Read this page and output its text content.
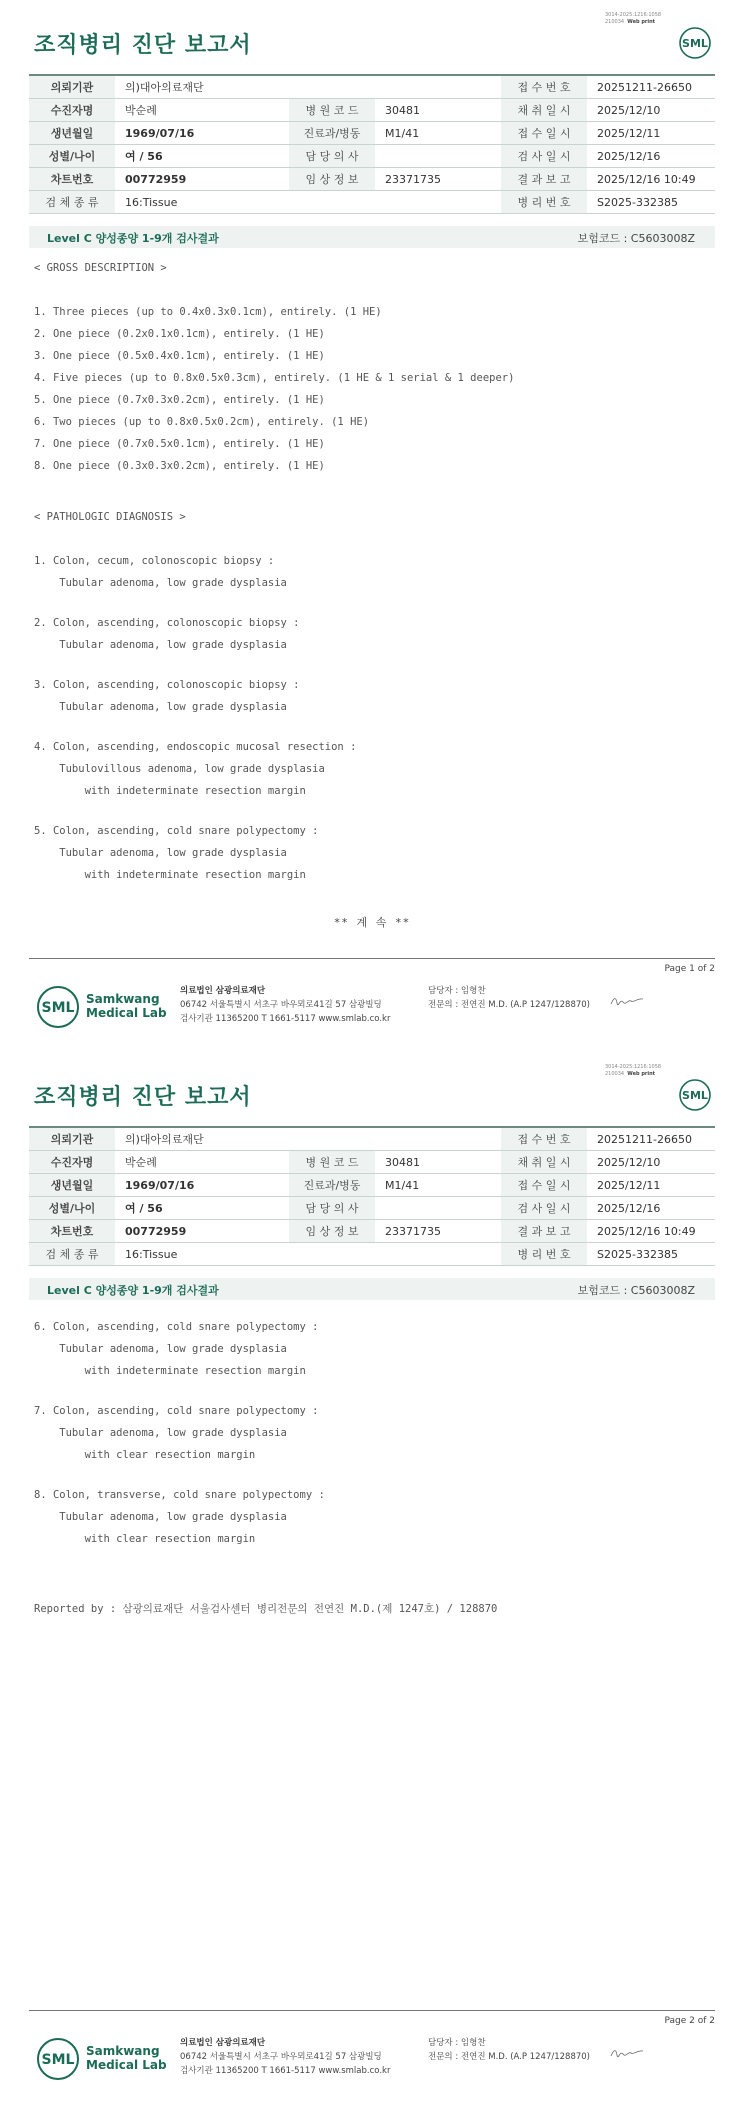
3014-2025:1216:1058
210034 Web print
조직병리 진단 보고서	SML
의뢰기관	의)대아의료재단			접 수 번 호	20251211-26650
수진자명	박순례	병 원 코 드	30481	채 취 일 시	2025/12/10
생년월일	1969/07/16	진료과/병동	M1/41	접 수 일 시	2025/12/11
성별/나이	여 / 56	담 당 의 사		검 사 일 시	2025/12/16
차트번호	00772959	임 상 정 보	23371735	결 과 보 고	2025/12/16 10:49
검 체 종 류	16:Tissue			병 리 번 호	S2025-332385
Level C 양성종양 1-9개 검사결과	보험코드 : C5603008Z
< GROSS DESCRIPTION >
1. Three pieces (up to 0.4x0.3x0.1cm), entirely. (1 HE)
2. One piece (0.2x0.1x0.1cm), entirely. (1 HE)
3. One piece (0.5x0.4x0.1cm), entirely. (1 HE)
4. Five pieces (up to 0.8x0.5x0.3cm), entirely. (1 HE & 1 serial & 1 deeper)
5. One piece (0.7x0.3x0.2cm), entirely. (1 HE)
6. Two pieces (up to 0.8x0.5x0.2cm), entirely. (1 HE)
7. One piece (0.7x0.5x0.1cm), entirely. (1 HE)
8. One piece (0.3x0.3x0.2cm), entirely. (1 HE)
< PATHOLOGIC DIAGNOSIS >
1. Colon, cecum, colonoscopic biopsy :
Tubular adenoma, low grade dysplasia
2. Colon, ascending, colonoscopic biopsy :
Tubular adenoma, low grade dysplasia
3. Colon, ascending, colonoscopic biopsy :
Tubular adenoma, low grade dysplasia
4. Colon, ascending, endoscopic mucosal resection :
Tubulovillous adenoma, low grade dysplasia
with indeterminate resection margin
5. Colon, ascending, cold snare polypectomy :
Tubular adenoma, low grade dysplasia
with indeterminate resection margin
** 계 속 **
Page 1 of 2
SML
Samkwang
Medical Lab
의료법인 삼광의료재단
06742 서울특별시 서초구 바우뫼로41길 57 삼광빌딩
검사기관 11365200 T 1661-5117 www.smlab.co.kr
담당자 : 임형찬
전문의 : 전연진 M.D. (A.P 1247/128870)
3014-2025:1216:1058
210034 Web print
조직병리 진단 보고서	SML
의뢰기관	의)대아의료재단			접 수 번 호	20251211-26650
수진자명	박순례	병 원 코 드	30481	채 취 일 시	2025/12/10
생년월일	1969/07/16	진료과/병동	M1/41	접 수 일 시	2025/12/11
성별/나이	여 / 56	담 당 의 사		검 사 일 시	2025/12/16
차트번호	00772959	임 상 정 보	23371735	결 과 보 고	2025/12/16 10:49
검 체 종 류	16:Tissue			병 리 번 호	S2025-332385
Level C 양성종양 1-9개 검사결과	보험코드 : C5603008Z
6. Colon, ascending, cold snare polypectomy :
Tubular adenoma, low grade dysplasia
with indeterminate resection margin
7. Colon, ascending, cold snare polypectomy :
Tubular adenoma, low grade dysplasia
with clear resection margin
8. Colon, transverse, cold snare polypectomy :
Tubular adenoma, low grade dysplasia
with clear resection margin
Reported by : 삼광의료재단 서울검사센터 병리전문의 전연진 M.D.(제 1247호) / 128870
Page 2 of 2
SML
Samkwang
Medical Lab
의료법인 삼광의료재단
06742 서울특별시 서초구 바우뫼로41길 57 삼광빌딩
검사기관 11365200 T 1661-5117 www.smlab.co.kr
담당자 : 임형찬
전문의 : 전연진 M.D. (A.P 1247/128870)
